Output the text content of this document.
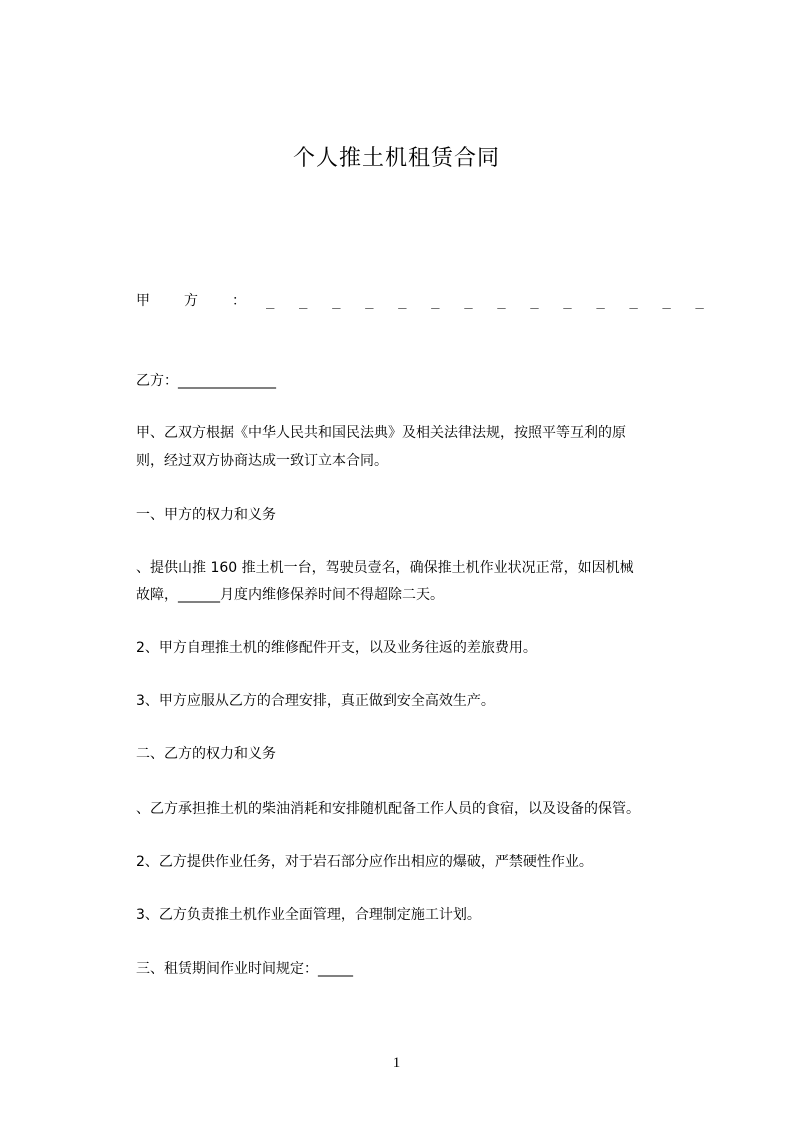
个人推土机租赁合同
甲	方	：	_ _ _ _ _ _ _ _ _ _ _ _ _ _
乙方：______________
甲、乙双方根据《中华人民共和国民法典》及相关法律法规，按照平等互利的原
则，经过双方协商达成一致订立本合同。
一、甲方的权力和义务
、提供山推 160 推土机一台，驾驶员壹名，确保推土机作业状况正常，如因机械
故障，______月度内维修保养时间不得超除二天。
2、甲方自理推土机的维修配件开支，以及业务往返的差旅费用。
3、甲方应服从乙方的合理安排，真正做到安全高效生产。
二、乙方的权力和义务
、乙方承担推土机的柴油消耗和安排随机配备工作人员的食宿，以及设备的保管。
2、乙方提供作业任务，对于岩石部分应作出相应的爆破，严禁硬性作业。
3、乙方负责推土机作业全面管理，合理制定施工计划。
三、租赁期间作业时间规定：_____
1
